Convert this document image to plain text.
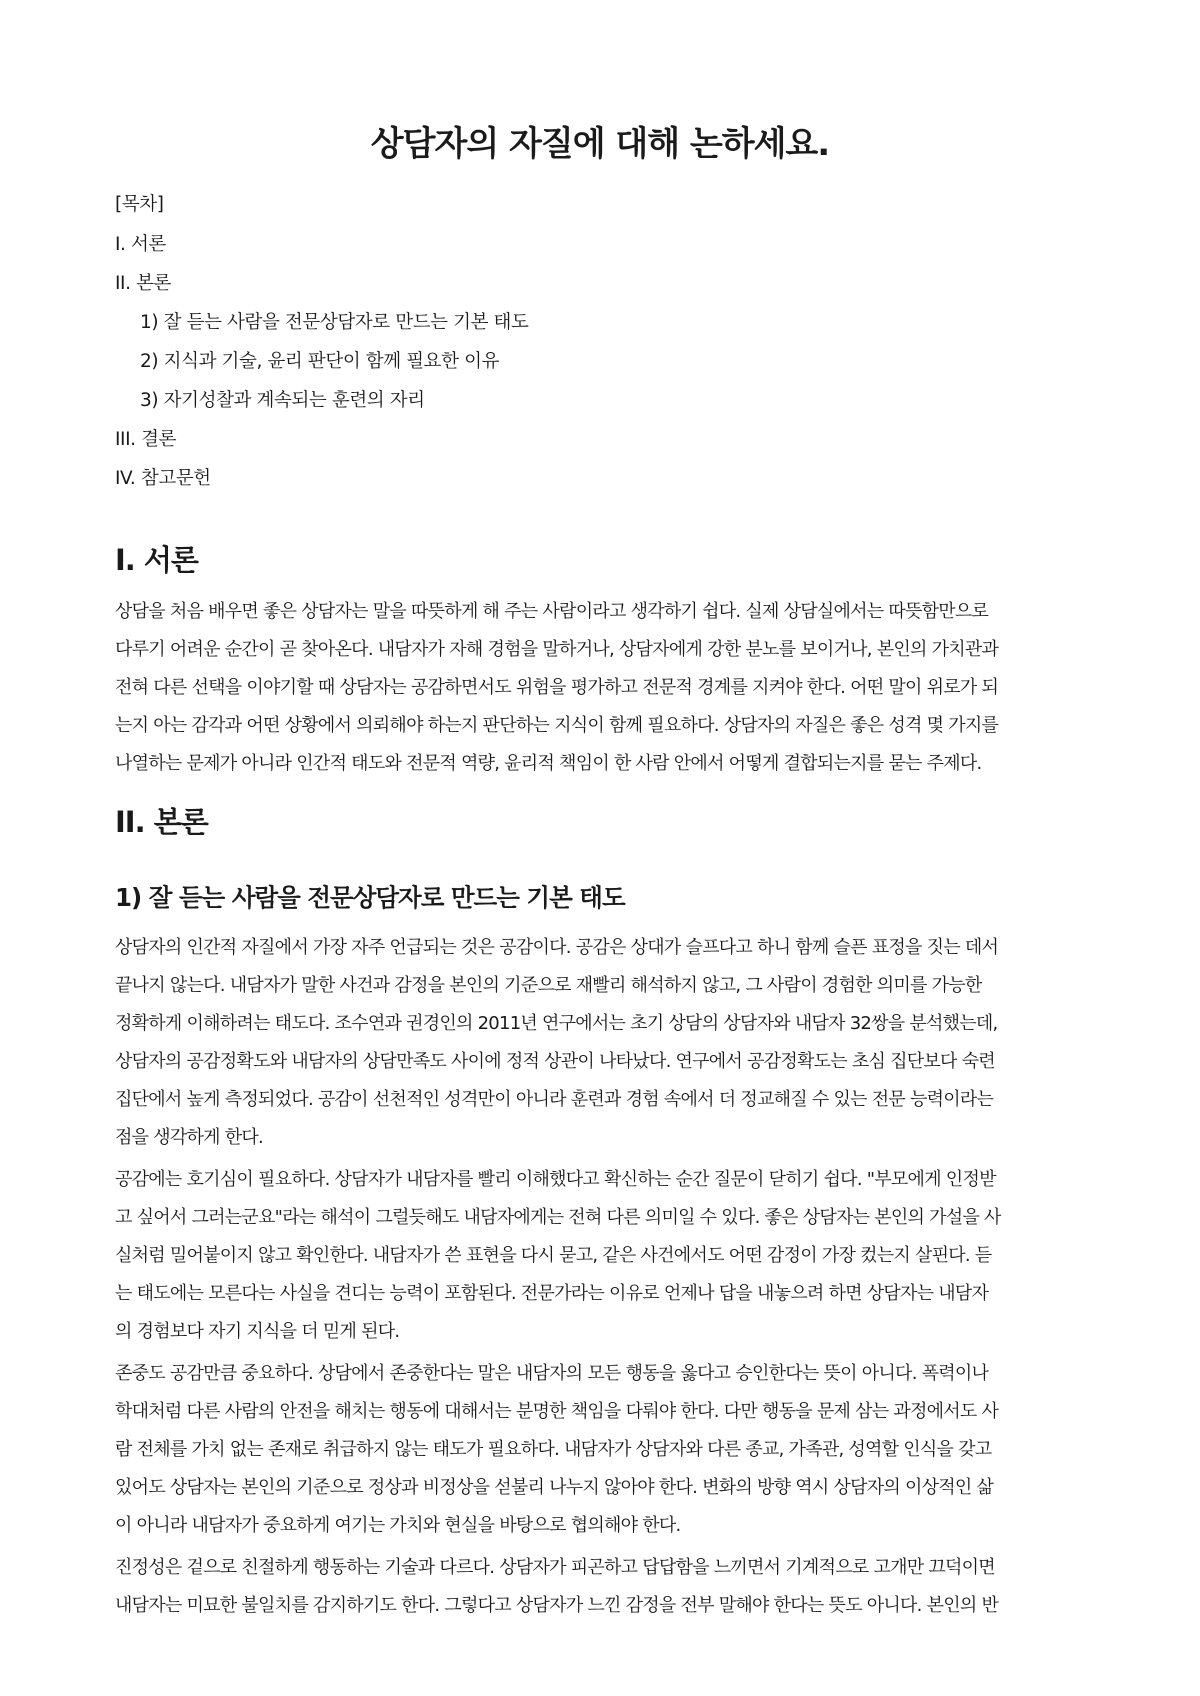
상담자의 자질에 대해 논하세요.
[목차]
I. 서론
II. 본론
1) 잘 듣는 사람을 전문상담자로 만드는 기본 태도
2) 지식과 기술, 윤리 판단이 함께 필요한 이유
3) 자기성찰과 계속되는 훈련의 자리
III. 결론
IV. 참고문헌
I. 서론

상담을 처음 배우면 좋은 상담자는 말을 따뜻하게 해 주는 사람이라고 생각하기 쉽다. 실제 상담실에서는 따뜻함만으로

다루기 어려운 순간이 곧 찾아온다. 내담자가 자해 경험을 말하거나, 상담자에게 강한 분노를 보이거나, 본인의 가치관과

전혀 다른 선택을 이야기할 때 상담자는 공감하면서도 위험을 평가하고 전문적 경계를 지켜야 한다. 어떤 말이 위로가 되

는지 아는 감각과 어떤 상황에서 의뢰해야 하는지 판단하는 지식이 함께 필요하다. 상담자의 자질은 좋은 성격 몇 가지를

나열하는 문제가 아니라 인간적 태도와 전문적 역량, 윤리적 책임이 한 사람 안에서 어떻게 결합되는지를 묻는 주제다.

II. 본론
1) 잘 듣는 사람을 전문상담자로 만드는 기본 태도

상담자의 인간적 자질에서 가장 자주 언급되는 것은 공감이다. 공감은 상대가 슬프다고 하니 함께 슬픈 표정을 짓는 데서

끝나지 않는다. 내담자가 말한 사건과 감정을 본인의 기준으로 재빨리 해석하지 않고, 그 사람이 경험한 의미를 가능한

정확하게 이해하려는 태도다. 조수연과 권경인의 2011년 연구에서는 초기 상담의 상담자와 내담자 32쌍을 분석했는데,

상담자의 공감정확도와 내담자의 상담만족도 사이에 정적 상관이 나타났다. 연구에서 공감정확도는 초심 집단보다 숙련

집단에서 높게 측정되었다. 공감이 선천적인 성격만이 아니라 훈련과 경험 속에서 더 정교해질 수 있는 전문 능력이라는

점을 생각하게 한다.

공감에는 호기심이 필요하다. 상담자가 내담자를 빨리 이해했다고 확신하는 순간 질문이 닫히기 쉽다. "부모에게 인정받

고 싶어서 그러는군요"라는 해석이 그럴듯해도 내담자에게는 전혀 다른 의미일 수 있다. 좋은 상담자는 본인의 가설을 사

실처럼 밀어붙이지 않고 확인한다. 내담자가 쓴 표현을 다시 묻고, 같은 사건에서도 어떤 감정이 가장 컸는지 살핀다. 듣

는 태도에는 모른다는 사실을 견디는 능력이 포함된다. 전문가라는 이유로 언제나 답을 내놓으려 하면 상담자는 내담자

의 경험보다 자기 지식을 더 믿게 된다.

존중도 공감만큼 중요하다. 상담에서 존중한다는 말은 내담자의 모든 행동을 옳다고 승인한다는 뜻이 아니다. 폭력이나

학대처럼 다른 사람의 안전을 해치는 행동에 대해서는 분명한 책임을 다뤄야 한다. 다만 행동을 문제 삼는 과정에서도 사

람 전체를 가치 없는 존재로 취급하지 않는 태도가 필요하다. 내담자가 상담자와 다른 종교, 가족관, 성역할 인식을 갖고

있어도 상담자는 본인의 기준으로 정상과 비정상을 섣불리 나누지 않아야 한다. 변화의 방향 역시 상담자의 이상적인 삶

이 아니라 내담자가 중요하게 여기는 가치와 현실을 바탕으로 협의해야 한다.

진정성은 겉으로 친절하게 행동하는 기술과 다르다. 상담자가 피곤하고 답답함을 느끼면서 기계적으로 고개만 끄덕이면

내담자는 미묘한 불일치를 감지하기도 한다. 그렇다고 상담자가 느낀 감정을 전부 말해야 한다는 뜻도 아니다. 본인의 반
